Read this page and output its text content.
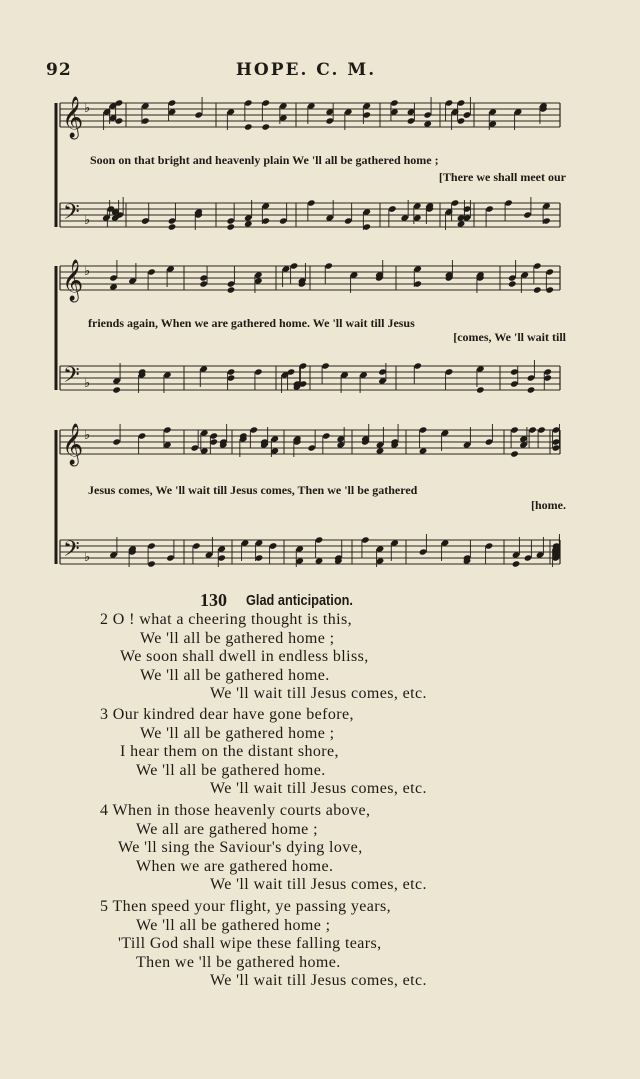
92	HOPE. C. M.
𝄞 ♭
𝄢 ♭
Soon on that bright and heavenly plain We 'll all be gathered home ;
[There we shall meet our
𝄞 ♭
𝄢 ♭
friends again, When we are gathered home. We 'll wait till Jesus
[comes, We 'll wait till
𝄞 ♭
𝄢 ♭
Jesus comes, We 'll wait till Jesus comes, Then we 'll be gathered
[home.
130 Glad anticipation.
2 O ! what a cheering thought is this,
We 'll all be gathered home ;
We soon shall dwell in endless bliss,
We 'll all be gathered home.
We 'll wait till Jesus comes, etc.
3 Our kindred dear have gone before,
We 'll all be gathered home ;
I hear them on the distant shore,
We 'll all be gathered home.
We 'll wait till Jesus comes, etc.
4 When in those heavenly courts above,
We all are gathered home ;
We 'll sing the Saviour's dying love,
When we are gathered home.
We 'll wait till Jesus comes, etc.
5 Then speed your flight, ye passing years,
We 'll all be gathered home ;
'Till God shall wipe these falling tears,
Then we 'll be gathered home.
We 'll wait till Jesus comes, etc.
